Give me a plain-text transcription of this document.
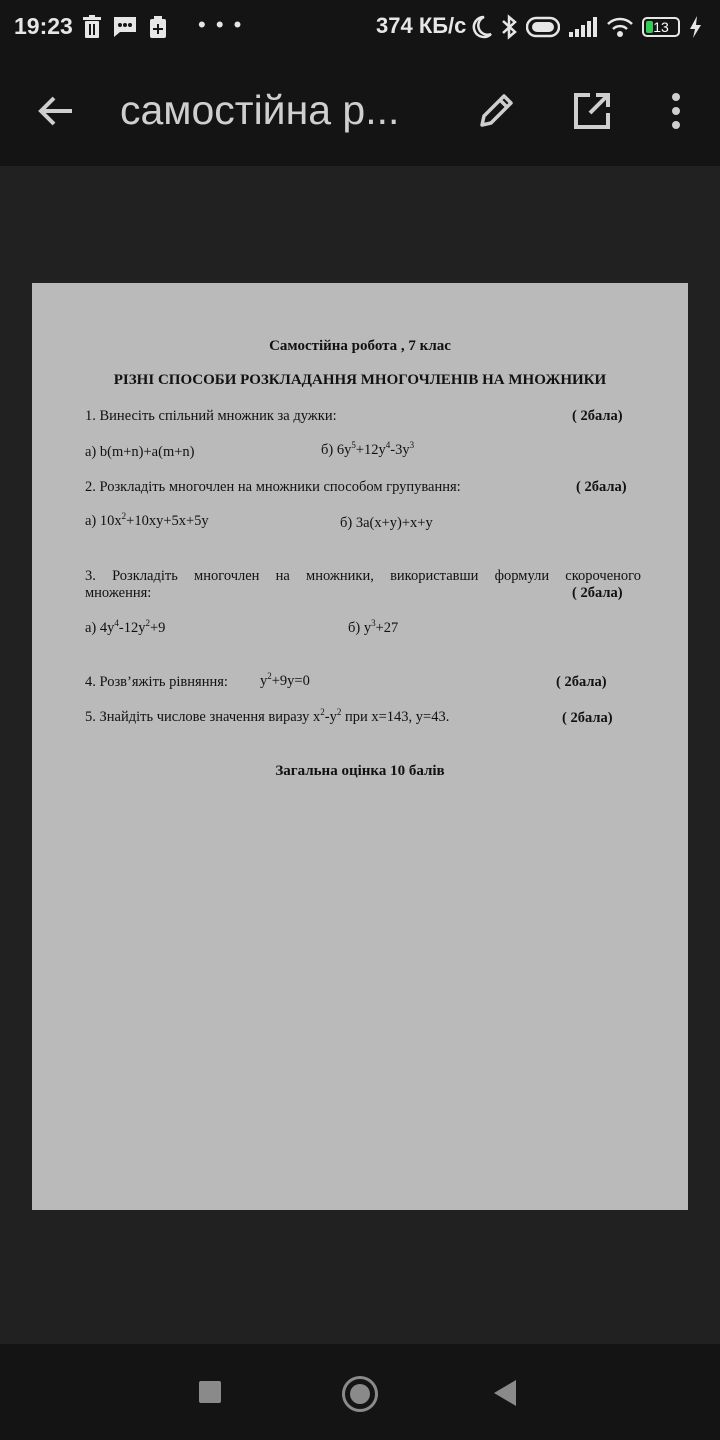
19:23	• • •	374 КБ/с	13
самостійна р...
Самостійна робота , 7 клас
РІЗНІ СПОСОБИ РОЗКЛАДАННЯ МНОГОЧЛЕНІВ НА МНОЖНИКИ
1. Винесіть спільний множник за дужки:	( 2бала)
а) b(m+n)+a(m+n)	б) $6y^5+12y^4-3y^3$
2. Розкладіть многочлен на множники способом групування:	( 2бала)
а) $10x^2+10xy+5x+5y$	б) 3a(x+y)+x+y
3. Розкладіть многочлен на множники, використавши формули скороченого
множення:	( 2бала)
а) $4y^4-12y^2+9$	б) $y^3+27$
4. Розв’яжіть рівняння: $y^2+9y=0$	( 2бала)
5. Знайдіть числове значення виразу $x^2-y^2$ при x=143, y=43.	( 2бала)
Загальна оцінка 10 балів
